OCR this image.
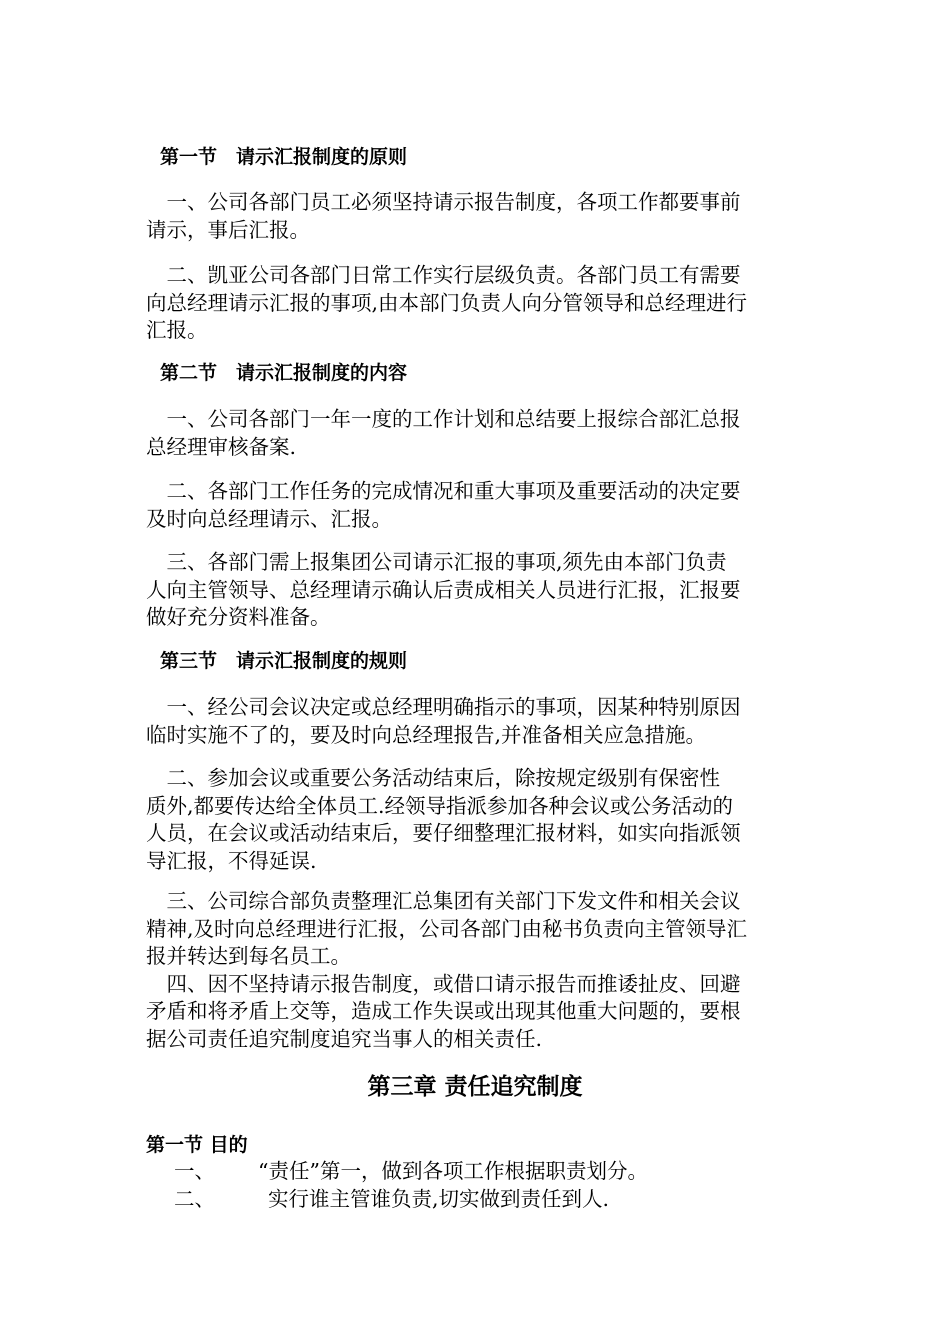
第一节　请示汇报制度的原则
　一、公司各部门员工必须坚持请示报告制度，各项工作都要事前
请示，事后汇报。
　二、凯亚公司各部门日常工作实行层级负责。各部门员工有需要
向总经理请示汇报的事项,由本部门负责人向分管领导和总经理进行
汇报。
第二节　请示汇报制度的内容
　一、公司各部门一年一度的工作计划和总结要上报综合部汇总报
总经理审核备案.
　二、各部门工作任务的完成情况和重大事项及重要活动的决定要
及时向总经理请示、汇报。
　三、各部门需上报集团公司请示汇报的事项,须先由本部门负责
人向主管领导、总经理请示确认后责成相关人员进行汇报，汇报要
做好充分资料准备。
第三节　请示汇报制度的规则
　一、经公司会议决定或总经理明确指示的事项，因某种特别原因
临时实施不了的，要及时向总经理报告,并准备相关应急措施。
　二、参加会议或重要公务活动结束后，除按规定级别有保密性
质外,都要传达给全体员工.经领导指派参加各种会议或公务活动的
人员，在会议或活动结束后，要仔细整理汇报材料，如实向指派领
导汇报，不得延误.
　三、公司综合部负责整理汇总集团有关部门下发文件和相关会议
精神,及时向总经理进行汇报，公司各部门由秘书负责向主管领导汇
报并转达到每名员工。
　四、因不坚持请示报告制度，或借口请示报告而推诿扯皮、回避
矛盾和将矛盾上交等，造成工作失误或出现其他重大问题的，要根
据公司责任追究制度追究当事人的相关责任.
第三章 责任追究制度
第一节 目的
一、 “责任”第一，做到各项工作根据职责划分。
二、	实行谁主管谁负责,切实做到责任到人.
